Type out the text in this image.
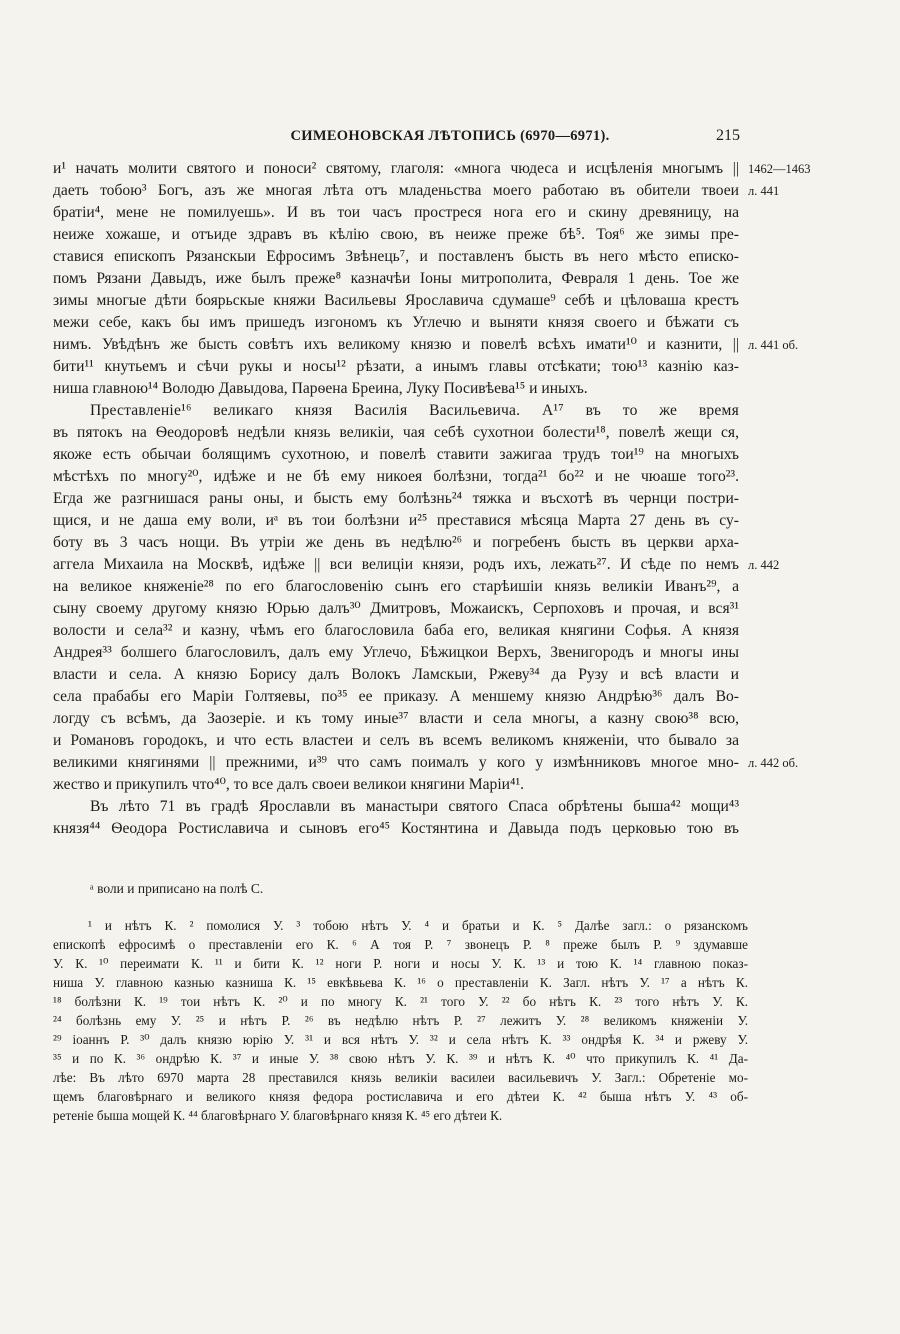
СИМЕОНОВСКАЯ ЛѢТОПИСЬ (6970—6971).	215
и¹ начать молити святого и поноси² святому, глаголя: «многа чюдеса и исцѣленія многымъ ||
даеть тобою³ Богъ, азъ же многая лѣта отъ младеньства моего работаю въ обители твоеи
братіи⁴, мене не помилуешь». И въ тои часъ простреся нога его и скину древяницу, на
неиже хожаше, и отъиде здравъ въ кѣлію свою, въ неиже преже бѣ⁵. Тоя⁶ же зимы пре-
ставися епископъ Рязанскыи Ефросимъ Звѣнець⁷, и поставленъ бысть въ него мѣсто еписко-
помъ Рязани Давыдъ, иже былъ преже⁸ казначѣи Іоны митрополита, Февраля 1 день. Тое же
зимы многые дѣти боярьскые княжи Васильевы Ярославича сдумаше⁹ себѣ и цѣловаша крестъ
межи себе, какъ бы имъ пришедъ изгономъ къ Углечю и выняти князя своего и бѣжати съ
нимъ. Увѣдѣнъ же бысть совѣтъ ихъ великому князю и повелѣ всѣхъ имати¹⁰ и казнити, ||
бити¹¹ кнутьемъ и сѣчи рукы и носы¹² рѣзати, а инымъ главы отсѣкати; тою¹³ казнію каз-
ниша главною¹⁴ Володю Давыдова, Парѳена Бреина, Луку Посивѣева¹⁵ и иныхъ.
Преставленіе¹⁶ великаго князя Василія Васильевича. А¹⁷ въ то же время
въ пятокъ на Ѳеодоровѣ недѣли князь великіи, чая себѣ сухотнои болести¹⁸, повелѣ жещи ся,
якоже есть обычаи болящимъ сухотною, и повелѣ ставити зажигаа трудъ тои¹⁹ на многыхъ
мѣстѣхъ по многу²⁰, идѣже и не бѣ ему никоея болѣзни, тогда²¹ бо²² и не чюаше того²³.
Егда же разгнишася раны оны, и бысть ему болѣзнь²⁴ тяжка и въсхотѣ въ чернци постри-
щися, и не даша ему воли, иᵃ въ тои болѣзни и²⁵ преставися мѣсяца Марта 27 день въ су-
боту въ 3 часъ нощи. Въ утріи же день въ недѣлю²⁶ и погребенъ бысть въ церкви арха-
аггела Михаила на Москвѣ, идѣже || вси велицiи князи, родъ ихъ, лежать²⁷. И сѣде по немъ
на великое княженіе²⁸ по его благословенію сынъ его старѣишіи князь великіи Иванъ²⁹, а
сыну своему другому князю Юрью далъ³⁰ Дмитровъ, Можаискъ, Серпоховъ и прочая, и вся³¹
волости и села³² и казну, чѣмъ его благословила баба его, великая княгини Софья. А князя
Андрея³³ болшего благословилъ, далъ ему Углечо, Бѣжицкои Верхъ, Звенигородъ и многы ины
власти и села. А князю Борису далъ Волокъ Ламскыи, Ржеву³⁴ да Рузу и всѣ власти и
села прабабы его Маріи Голтяевы, по³⁵ ее приказу. А меншему князю Андрѣю³⁶ далъ Во-
логду съ всѣмъ, да Заозеріе. и къ тому иные³⁷ власти и села многы, а казну свою³⁸ всю,
и Романовъ городокъ, и что есть властеи и селъ въ всемъ великомъ княженіи, что бывало за
великими княгинями || прежними, и³⁹ что самъ поималъ у кого у измѣнниковъ многое мно-
жество и прикупилъ что⁴⁰, то все далъ своеи великои княгини Маріи⁴¹.
Въ лѣто 71 въ градѣ Ярославли въ манастыри святого Спаса обрѣтены быша⁴² мощи⁴³
князя⁴⁴ Ѳеодора Ростиславича и сыновъ его⁴⁵ Костянтина и Давыда подъ церковью тою въ
1462—1463
л. 441
л. 441 об.
л. 442
л. 442 об.
ᵃ воли и приписано на полѣ С.
¹ и нѣтъ К. ² помолися У. ³ тобою нѣтъ У. ⁴ и братьи и К. ⁵ Далѣе загл.: о рязанскомъ
епископѣ ефросимѣ о преставленіи его К. ⁶ А тоя Р. ⁷ звонецъ Р. ⁸ преже былъ Р. ⁹ здумавше
У. К. ¹⁰ переимати К. ¹¹ и бити К. ¹² ноги Р. ноги и носы У. К. ¹³ и тою К. ¹⁴ главною показ-
ниша У. главною казнью казниша К. ¹⁵ евкѣвьева К. ¹⁶ о преставленіи К. Загл. нѣтъ У. ¹⁷ а нѣтъ К.
¹⁸ болѣзни К. ¹⁹ тои нѣтъ К. ²⁰ и по многу К. ²¹ того У. ²² бо нѣтъ К. ²³ того нѣтъ У. К.
²⁴ болѣзнь ему У. ²⁵ и нѣтъ Р. ²⁶ въ недѣлю нѣтъ Р. ²⁷ лежитъ У. ²⁸ великомъ княженіи У.
²⁹ іоаннъ Р. ³⁰ далъ князю юрію У. ³¹ и вся нѣтъ У. ³² и села нѣтъ К. ³³ ондрѣя К. ³⁴ и ржеву У.
³⁵ и по К. ³⁶ ондрѣю К. ³⁷ и иные У. ³⁸ свою нѣтъ У. К. ³⁹ и нѣтъ К. ⁴⁰ что прикупилъ К. ⁴¹ Да-
лѣе: Въ лѣто 6970 марта 28 преставился князь великіи василеи васильевичъ У. Загл.: Обретеніе мо-
щемъ благовѣрнаго и великого князя федора ростиславича и его дѣтеи К. ⁴² быша нѣтъ У. ⁴³ об-
ретеніе быша мощей К. ⁴⁴ благовѣрнаго У. благовѣрнаго князя К. ⁴⁵ его дѣтеи К.
